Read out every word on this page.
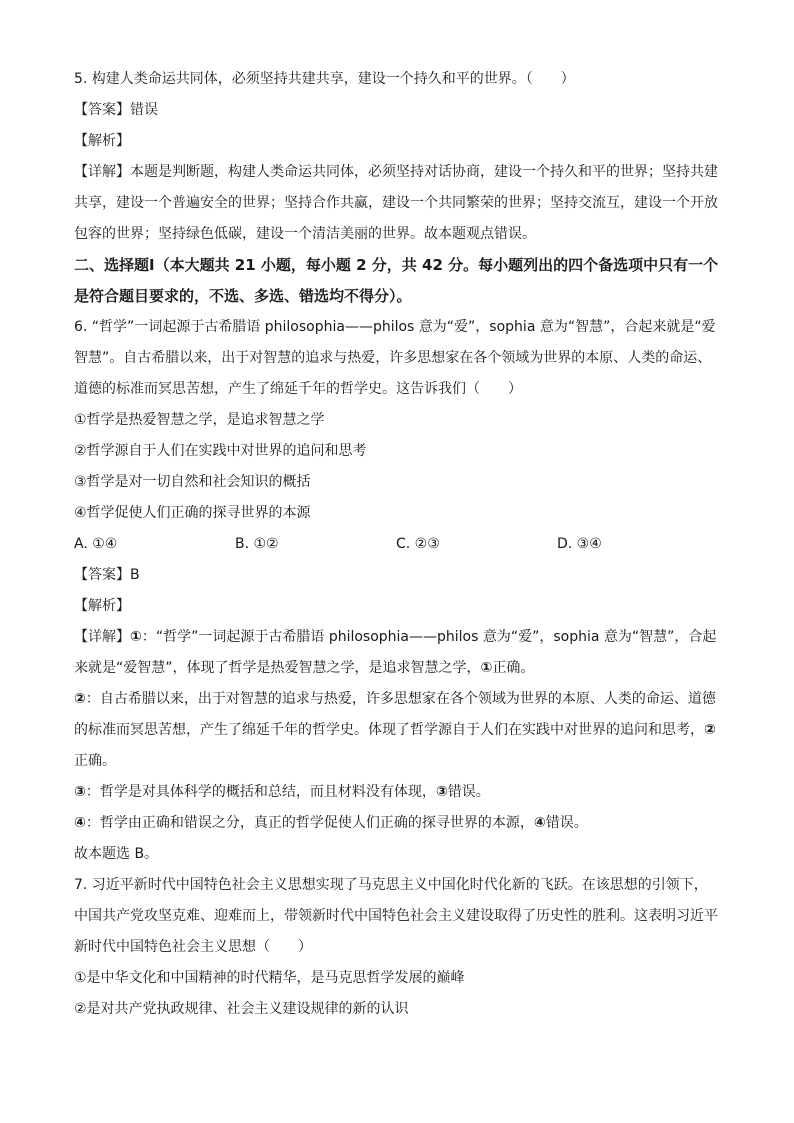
5. 构建人类命运共同体，必须坚持共建共享，建设一个持久和平的世界。（　　）

【答案】错误

【解析】

【详解】本题是判断题，构建人类命运共同体，必须坚持对话协商，建设一个持久和平的世界；坚持共建共享，建设一个普遍安全的世界；坚持合作共赢，建设一个共同繁荣的世界；坚持交流互，建设一个开放包容的世界；坚持绿色低碳，建设一个清洁美丽的世界。故本题观点错误。

二、选择题Ⅰ（本大题共 21 小题，每小题 2 分，共 42 分。每小题列出的四个备选项中只有一个是符合题目要求的，不选、多选、错选均不得分）。

6. “哲学”一词起源于古希腊语 philosophia——philos 意为“爱”，sophia 意为“智慧”，合起来就是“爱智慧”。自古希腊以来，出于对智慧的追求与热爱，许多思想家在各个领域为世界的本原、人类的命运、道德的标准而冥思苦想，产生了绵延千年的哲学史。这告诉我们（　　）

①哲学是热爱智慧之学，是追求智慧之学

②哲学源自于人们在实践中对世界的追问和思考

③哲学是对一切自然和社会知识的概括

④哲学促使人们正确的探寻世界的本源

A. ①④	B. ①②	C. ②③	D. ③④

【答案】B

【解析】

【详解】①：“哲学”一词起源于古希腊语 philosophia——philos 意为“爱”，sophia 意为“智慧”，合起来就是“爱智慧”，体现了哲学是热爱智慧之学，是追求智慧之学，①正确。

②：自古希腊以来，出于对智慧的追求与热爱，许多思想家在各个领域为世界的本原、人类的命运、道德的标准而冥思苦想，产生了绵延千年的哲学史。体现了哲学源自于人们在实践中对世界的追问和思考，②正确。

③：哲学是对具体科学的概括和总结，而且材料没有体现，③错误。

④：哲学由正确和错误之分，真正的哲学促使人们正确的探寻世界的本源，④错误。

故本题选 B。

7. 习近平新时代中国特色社会主义思想实现了马克思主义中国化时代化新的飞跃。在该思想的引领下，中国共产党攻坚克难、迎难而上，带领新时代中国特色社会主义建设取得了历史性的胜利。这表明习近平新时代中国特色社会主义思想（　　）

①是中华文化和中国精神的时代精华，是马克思哲学发展的巅峰

②是对共产党执政规律、社会主义建设规律的新的认识
